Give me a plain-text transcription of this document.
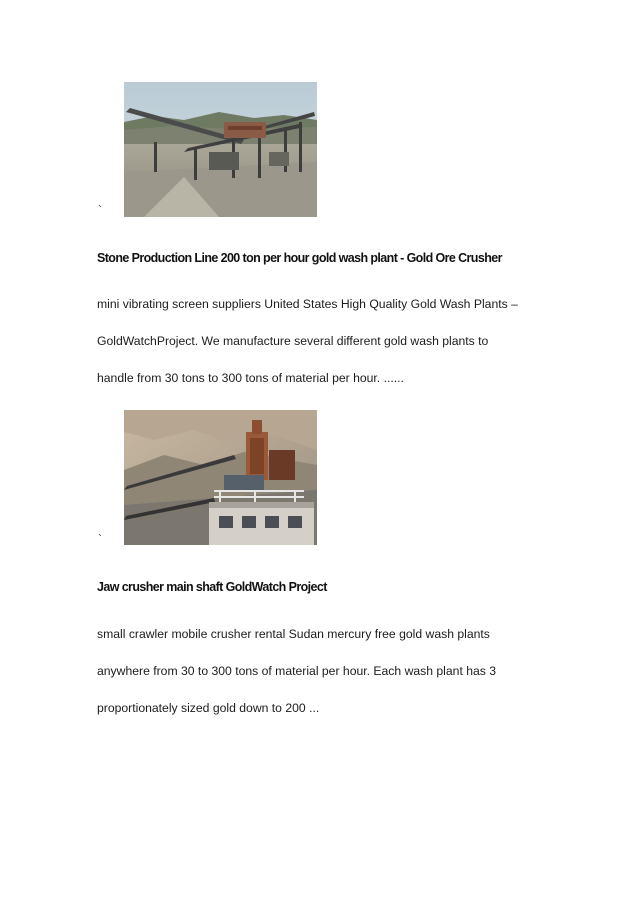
`
Stone Production Line 200 ton per hour gold wash plant - Gold Ore Crusher

mini vibrating screen suppliers United States High Quality Gold Wash Plants –
GoldWatchProject. We manufacture several different gold wash plants to
handle from 30 tons to 300 tons of material per hour. ......

`
Jaw crusher main shaft GoldWatch Project

small crawler mobile crusher rental Sudan mercury free gold wash plants
anywhere from 30 to 300 tons of material per hour. Each wash plant has 3
proportionately sized gold down to 200 ...
